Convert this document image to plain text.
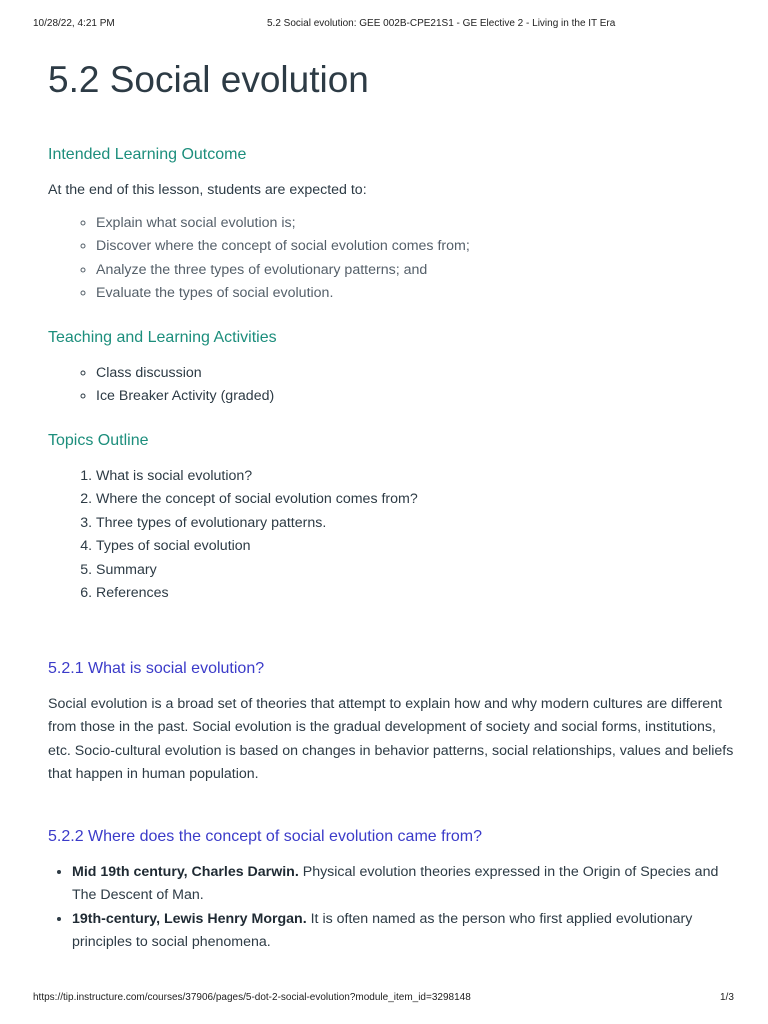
10/28/22, 4:21 PM	5.2 Social evolution: GEE 002B-CPE21S1 - GE Elective 2 - Living in the IT Era
5.2 Social evolution
Intended Learning Outcome

At the end of this lesson, students are expected to:

◦ Explain what social evolution is;
◦ Discover where the concept of social evolution comes from;
◦ Analyze the three types of evolutionary patterns; and
◦ Evaluate the types of social evolution.
Teaching and Learning Activities
◦ Class discussion
◦ Ice Breaker Activity (graded)
Topics Outline
1. What is social evolution?
2. Where the concept of social evolution comes from?
3. Three types of evolutionary patterns.
4. Types of social evolution
5. Summary
6. References
5.2.1 What is social evolution?

Social evolution is a broad set of theories that attempt to explain how and why modern cultures are different from those in the past. Social evolution is the gradual development of society and social forms, institutions, etc. Socio-cultural evolution is based on changes in behavior patterns, social relationships, values and beliefs that happen in human population.

5.2.2 Where does the concept of social evolution came from?
• Mid 19th century, Charles Darwin. Physical evolution theories expressed in the Origin of Species and The Descent of Man.
• 19th-century, Lewis Henry Morgan. It is often named as the person who first applied evolutionary principles to social phenomena.
https://tip.instructure.com/courses/37906/pages/5-dot-2-social-evolution?module_item_id=3298148	1/3
